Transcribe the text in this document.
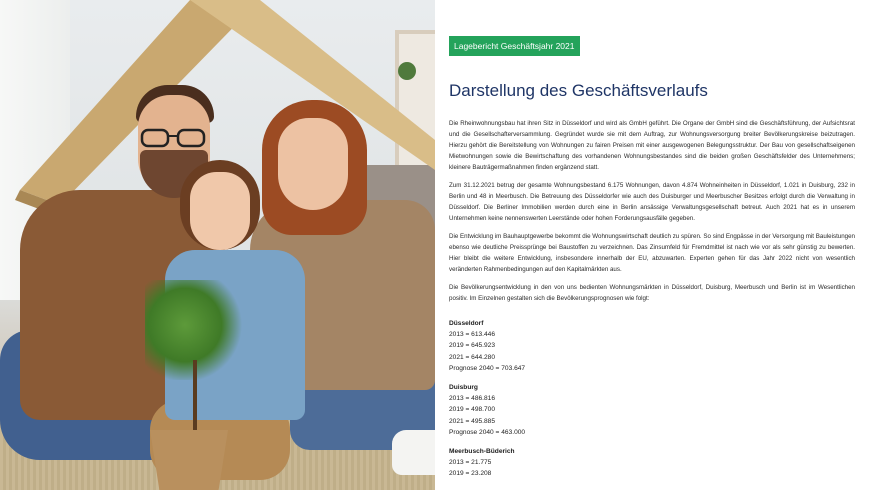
Lagebericht Geschäftsjahr 2021
Darstellung des Geschäftsverlaufs

Die Rheinwohnungsbau hat ihren Sitz in Düsseldorf und wird als GmbH geführt. Die Organe der GmbH sind die Geschäftsführung, der Aufsichtsrat und die Gesellschafterversammlung. Gegründet wurde sie mit dem Auftrag, zur Wohnungsversorgung breiter Bevölkerungskreise beizutragen. Hierzu gehört die Bereitstellung von Wohnungen zu fairen Preisen mit einer ausgewogenen Belegungsstruktur. Der Bau von gesellschaftseigenen Mietwohnungen sowie die Bewirtschaftung des vorhandenen Wohnungsbestandes sind die beiden großen Geschäftsfelder des Unternehmens; kleinere Bauträgermaßnahmen finden ergänzend statt.

Zum 31.12.2021 betrug der gesamte Wohnungsbestand 6.175 Wohnungen, davon 4.874 Wohneinheiten in Düsseldorf, 1.021 in Duisburg, 232 in Berlin und 48 in Meerbusch. Die Betreuung des Düsseldorfer wie auch des Duisburger und Meerbuscher Besitzes erfolgt durch die Verwaltung in Düsseldorf. Die Berliner Immobilien werden durch eine in Berlin ansässige Verwaltungsgesellschaft betreut. Auch 2021 hat es in unserem Unternehmen keine nennenswerten Leerstände oder hohen Forderungsausfälle gegeben.

Die Entwicklung im Bauhauptgewerbe bekommt die Wohnungswirtschaft deutlich zu spüren. So sind Engpässe in der Versorgung mit Bauleistungen ebenso wie deutliche Preissprünge bei Baustoffen zu verzeichnen. Das Zinsumfeld für Fremdmittel ist nach wie vor als sehr günstig zu bewerten. Hier bleibt die weitere Entwicklung, insbesondere innerhalb der EU, abzuwarten. Experten gehen für das Jahr 2022 nicht von wesentlich veränderten Rahmenbedingungen auf den Kapitalmärkten aus.

Die Bevölkerungsentwicklung in den von uns bedienten Wohnungsmärkten in Düsseldorf, Duisburg, Meerbusch und Berlin ist im Wesentlichen positiv. Im Einzelnen gestalten sich die Bevölkerungsprognosen wie folgt:

Düsseldorf
2013 = 613.446
2019 = 645.923
2021 = 644.280
Prognose 2040 = 703.647
Duisburg
2013 = 486.816
2019 = 498.700
2021 = 495.885
Prognose 2040 = 463.000
Meerbusch-Büderich
2013 = 21.775
2019 = 23.208
